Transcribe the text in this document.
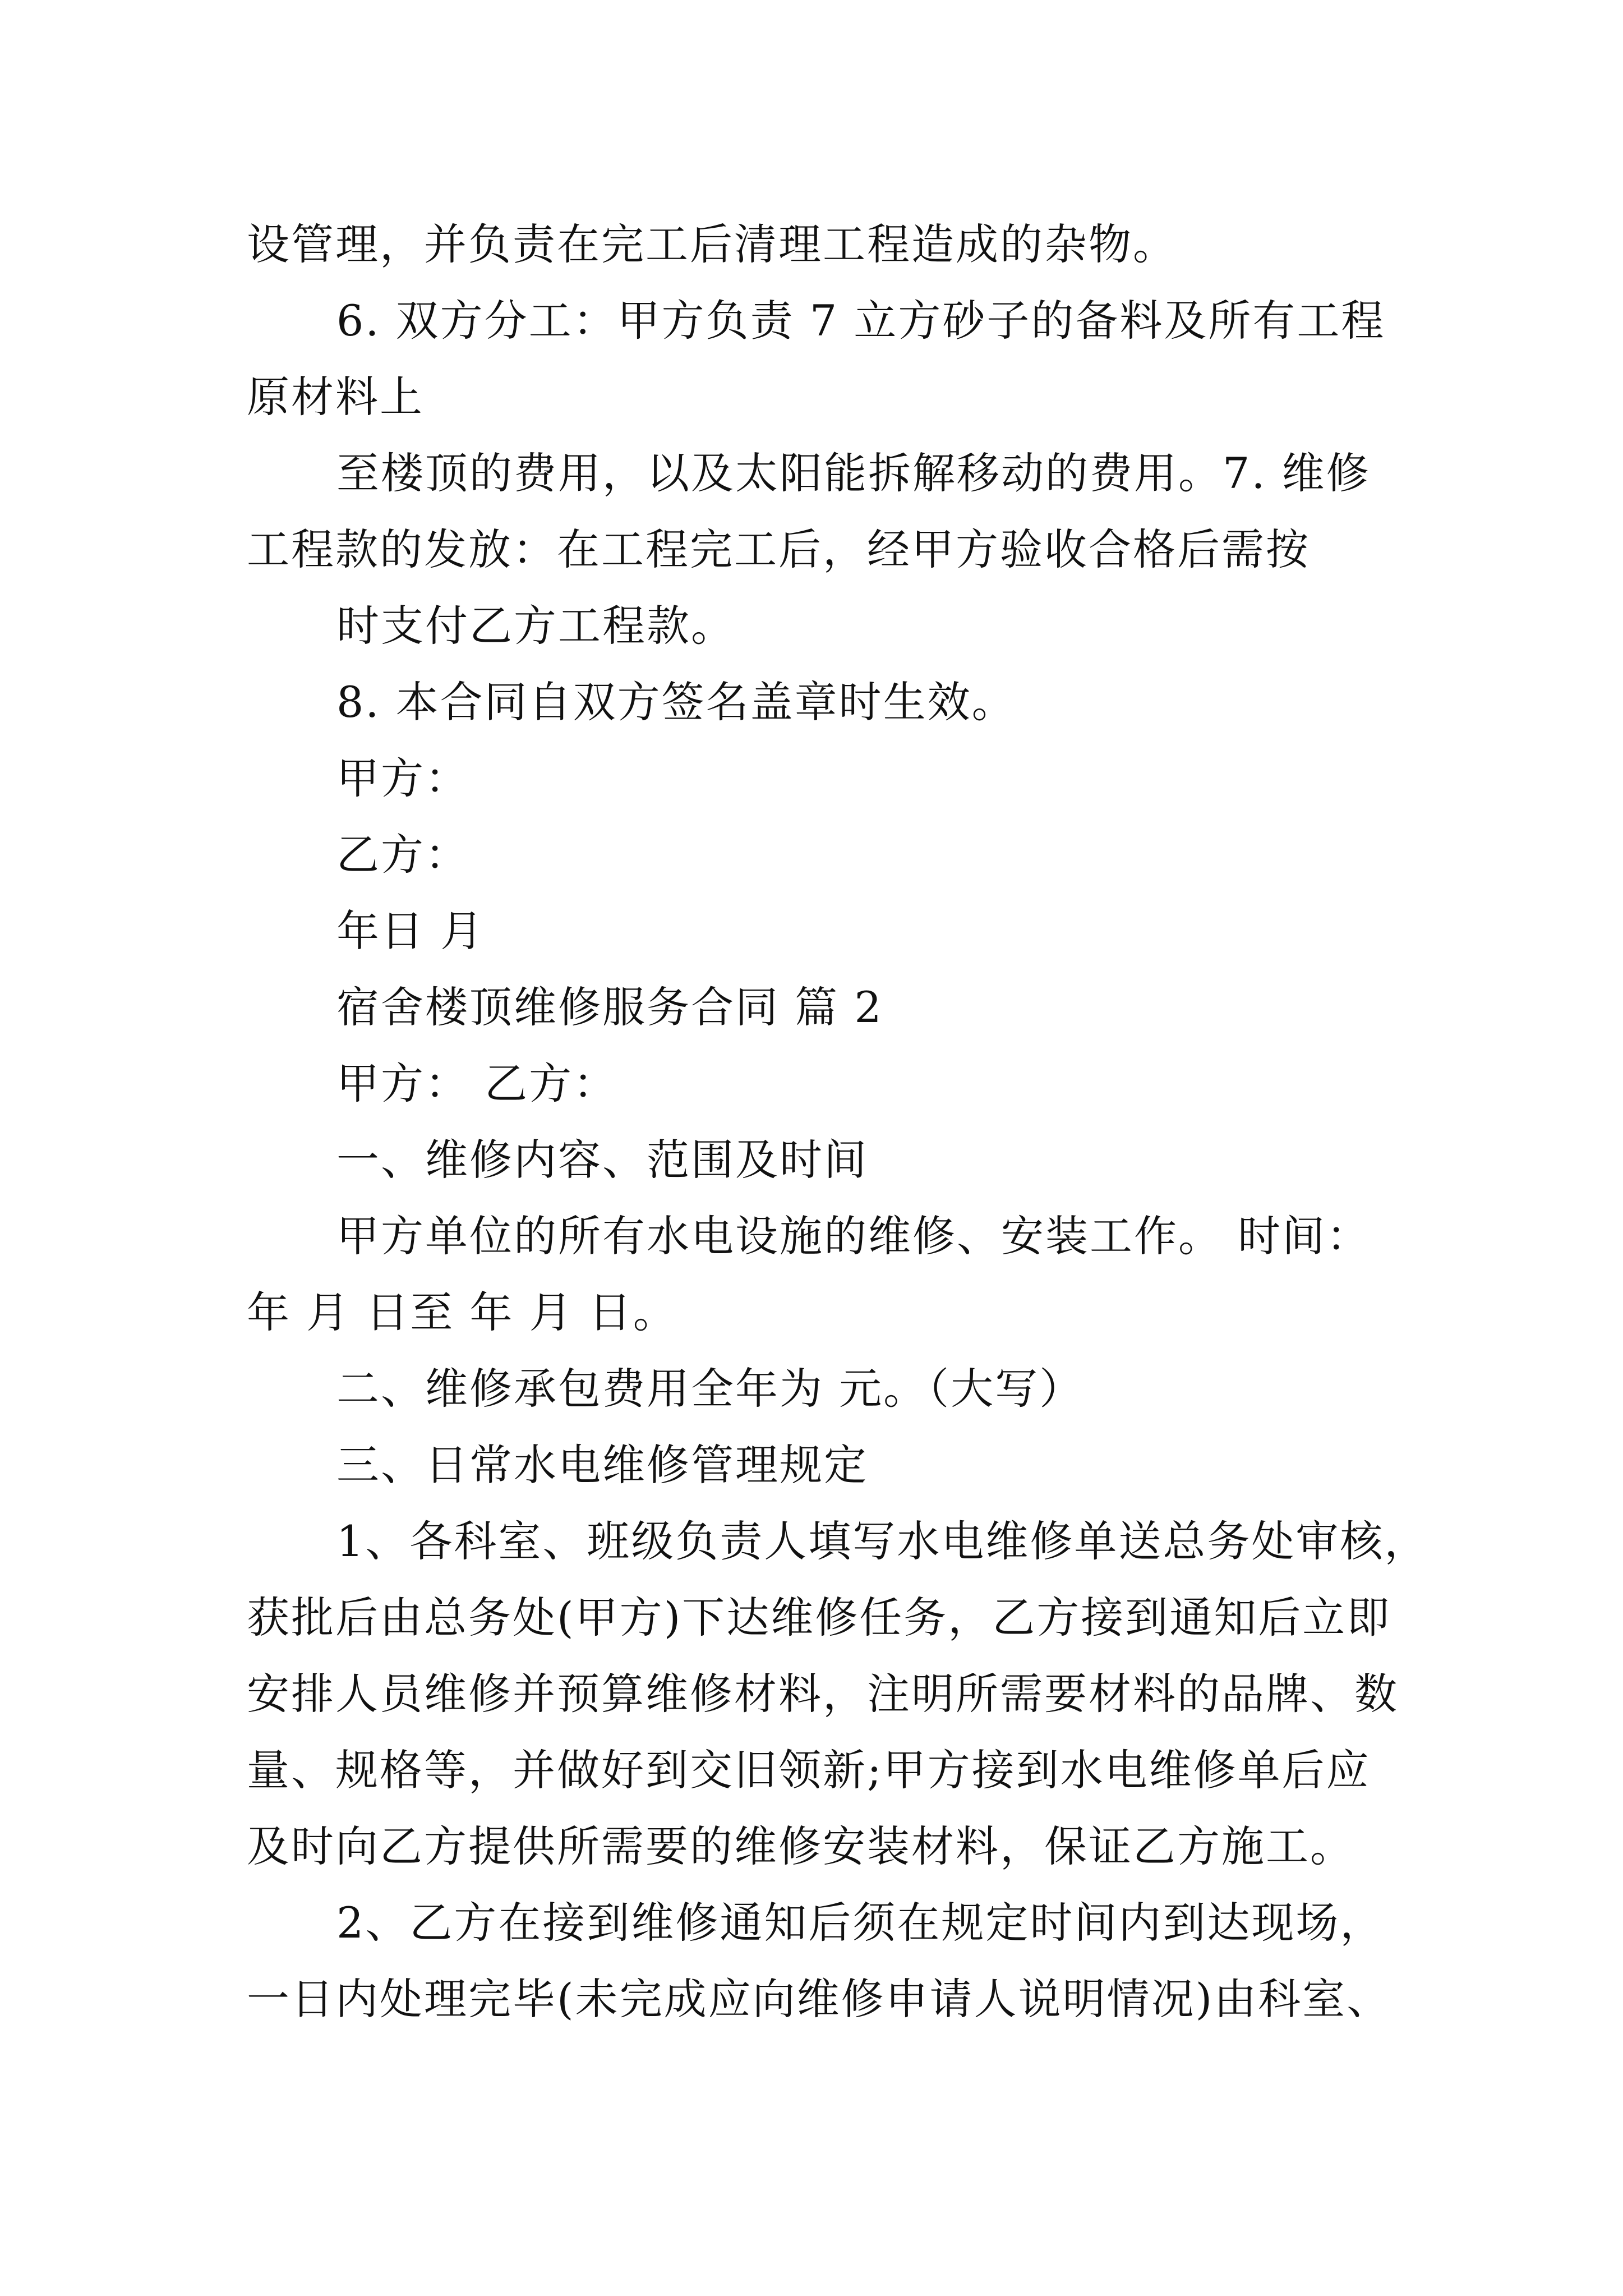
设管理，并负责在完工后清理工程造成的杂物。
6. 双方分工：甲方负责 7 立方砂子的备料及所有工程
原材料上
至楼顶的费用，以及太阳能拆解移动的费用。7. 维修
工程款的发放：在工程完工后，经甲方验收合格后需按
时支付乙方工程款。
8. 本合同自双方签名盖章时生效。
甲方：
乙方：
年日 月
宿舍楼顶维修服务合同 篇 2
甲方： 乙方：
一、维修内容、范围及时间
甲方单位的所有水电设施的维修、安装工作。 时间：
年 月 日至 年 月 日。
二、维修承包费用全年为 元。（大写）
三、日常水电维修管理规定
1、各科室、班级负责人填写水电维修单送总务处审核，
获批后由总务处(甲方)下达维修任务，乙方接到通知后立即
安排人员维修并预算维修材料，注明所需要材料的品牌、数
量、规格等，并做好到交旧领新;甲方接到水电维修单后应
及时向乙方提供所需要的维修安装材料，保证乙方施工。
2、乙方在接到维修通知后须在规定时间内到达现场，
一日内处理完毕(未完成应向维修申请人说明情况)由科室、
